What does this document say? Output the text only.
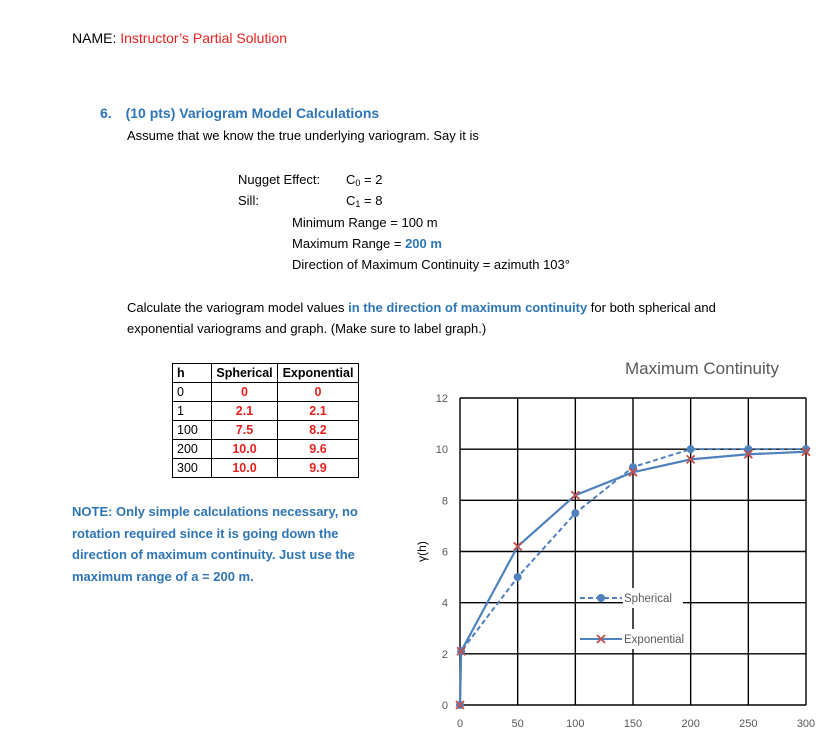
NAME: Instructor’s Partial Solution
6. (10 pts) Variogram Model Calculations
Assume that we know the true underlying variogram. Say it is
Nugget Effect: $C_0 = 2$
Sill:	$C_1 = 8$
Minimum Range = 100 m
Maximum Range = 200 m
Direction of Maximum Continuity = azimuth 103°
Calculate the variogram model values in the direction of maximum continuity for both spherical and
exponential variograms and graph. (Make sure to label graph.)
h	Spherical	Exponential
0	0	0
1	2.1	2.1
100	7.5	8.2
200	10.0	9.6
300	10.0	9.9
NOTE: Only simple calculations necessary, no rotation required since it is going down the direction of maximum continuity. Just use the maximum range of a = 200 m.
Maximum Continuity
0
2
4
6
8
10
12
0	50	100	150	200	250	300
γ(h)
Spherical
Exponential
